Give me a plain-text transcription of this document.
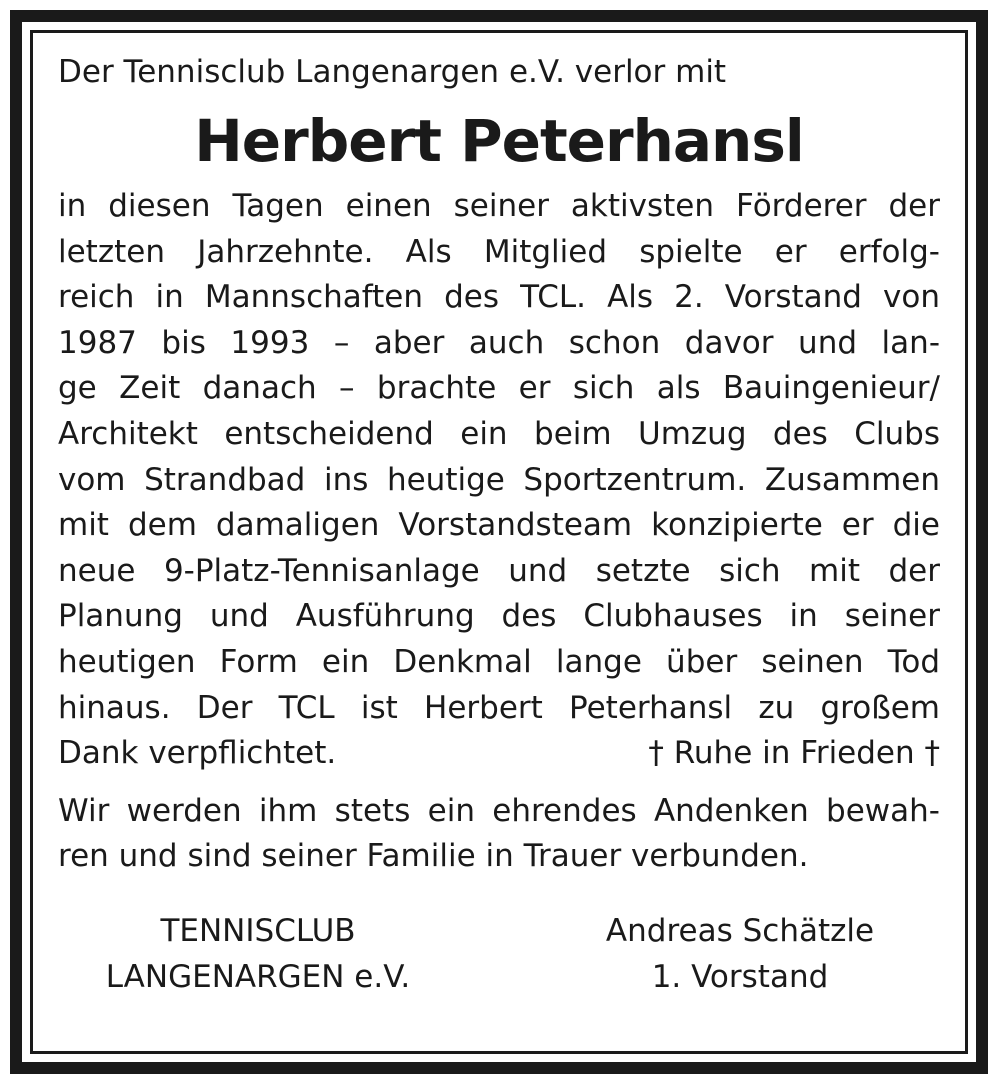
Der Tennisclub Langenargen e.V. verlor mit

Herbert Peterhansl
in diesen Tagen einen seiner aktivsten Förderer der
letzten Jahrzehnte. Als Mitglied spielte er erfolg-
reich in Mannschaften des TCL. Als 2. Vorstand von
1987 bis 1993 – aber auch schon davor und lan-
ge Zeit danach – brachte er sich als Bauingenieur/
Architekt entscheidend ein beim Umzug des Clubs
vom Strandbad ins heutige Sportzentrum. Zusammen
mit dem damaligen Vorstandsteam konzipierte er die
neue 9-Platz-Tennisanlage und setzte sich mit der
Planung und Ausführung des Clubhauses in seiner
heutigen Form ein Denkmal lange über seinen Tod
hinaus. Der TCL ist Herbert Peterhansl zu großem
Dank verpflichtet.	† Ruhe in Frieden †
Wir werden ihm stets ein ehrendes Andenken bewah-
ren und sind seiner Familie in Trauer verbunden.
TENNISCLUB
LANGENARGEN e.V.
Andreas Schätzle
1. Vorstand
